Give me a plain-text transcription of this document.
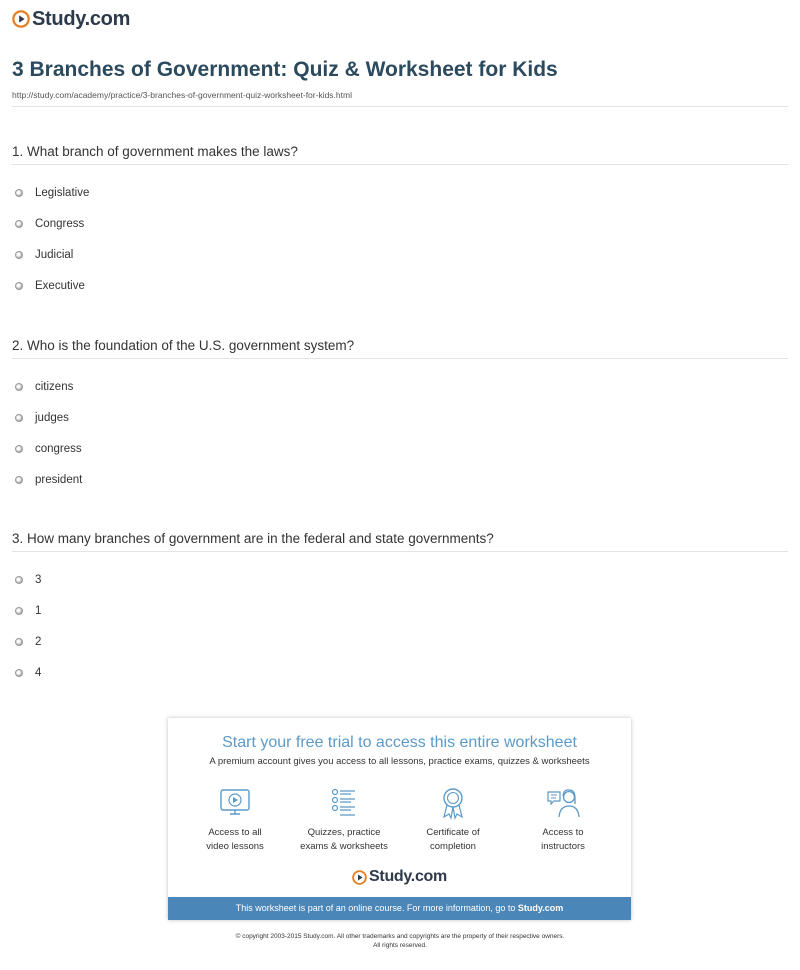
Study.com
3 Branches of Government: Quiz & Worksheet for Kids
http://study.com/academy/practice/3-branches-of-government-quiz-worksheet-for-kids.html
1. What branch of government makes the laws?
Legislative
Congress
Judicial
Executive
2. Who is the foundation of the U.S. government system?
citizens
judges
congress
president
3. How many branches of government are in the federal and state governments?
3
1
2
4
Start your free trial to access this entire worksheet
A premium account gives you access to all lessons, practice exams, quizzes & worksheets
Access to all
video lessons
Quizzes, practice
exams & worksheets
Certificate of
completion
Access to
instructors
Study.com
This worksheet is part of an online course. For more information, go to Study.com
© copyright 2003-2015 Study.com. All other trademarks and copyrights are the property of their respective owners.
All rights reserved.
